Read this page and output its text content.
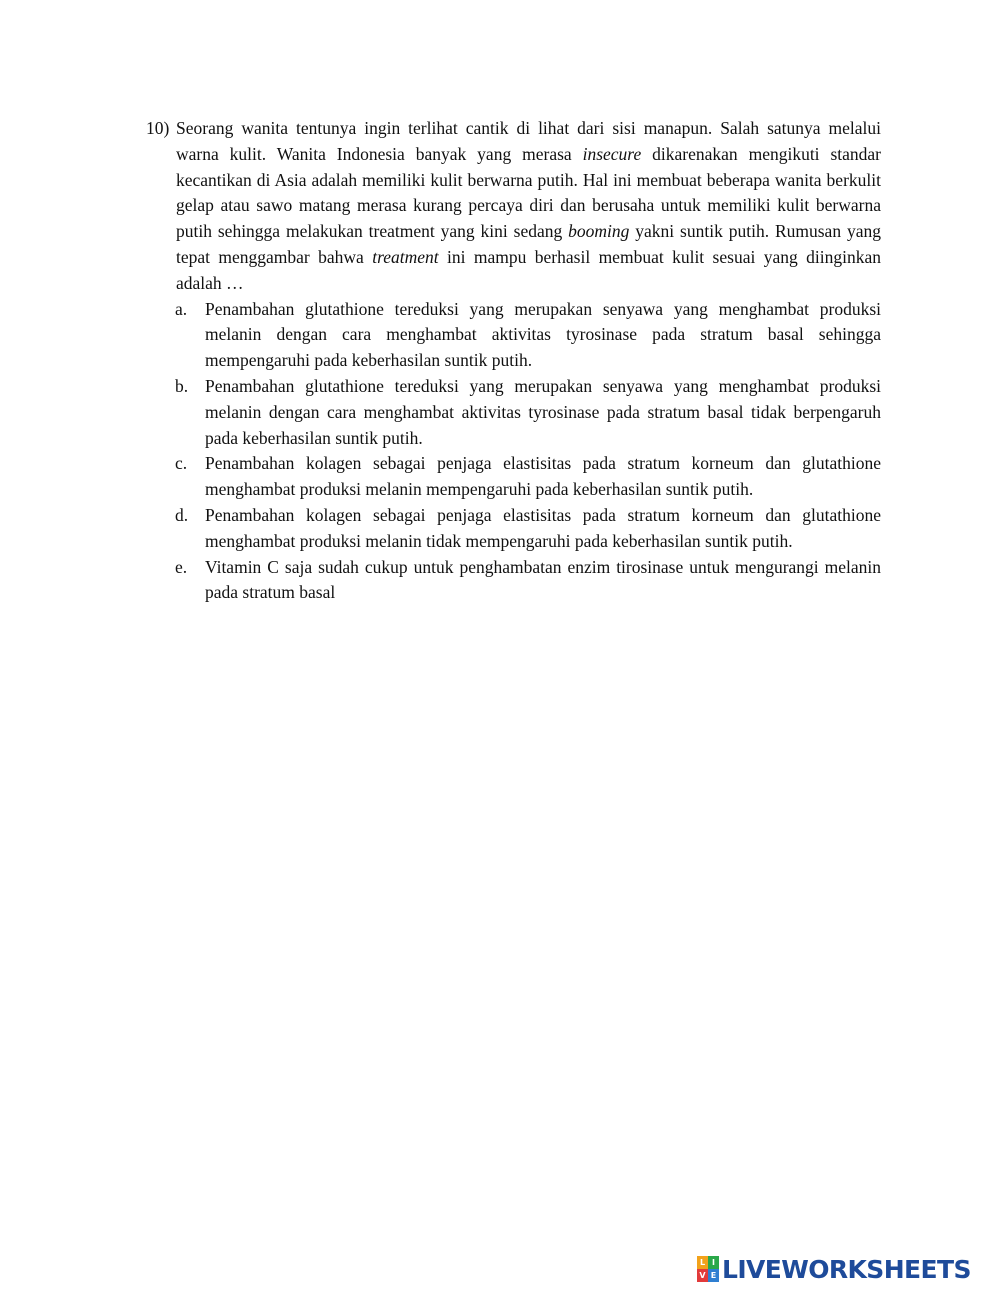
10) Seorang wanita tentunya ingin terlihat cantik di lihat dari sisi manapun. Salah satunya melalui warna kulit. Wanita Indonesia banyak yang merasa insecure dikarenakan mengikuti standar kecantikan di Asia adalah memiliki kulit berwarna putih. Hal ini membuat beberapa wanita berkulit gelap atau sawo matang merasa kurang percaya diri dan berusaha untuk memiliki kulit berwarna putih sehingga melakukan treatment yang kini sedang booming yakni suntik putih. Rumusan yang tepat menggambar bahwa treatment ini mampu berhasil membuat kulit sesuai yang diinginkan adalah …
a. Penambahan glutathione tereduksi yang merupakan senyawa yang menghambat produksi melanin dengan cara menghambat aktivitas tyrosinase pada stratum basal sehingga mempengaruhi pada keberhasilan suntik putih.
b. Penambahan glutathione tereduksi yang merupakan senyawa yang menghambat produksi melanin dengan cara menghambat aktivitas tyrosinase pada stratum basal tidak berpengaruh pada keberhasilan suntik putih.
c. Penambahan kolagen sebagai penjaga elastisitas pada stratum korneum dan glutathione menghambat produksi melanin mempengaruhi pada keberhasilan suntik putih.
d. Penambahan kolagen sebagai penjaga elastisitas pada stratum korneum dan glutathione menghambat produksi melanin tidak mempengaruhi pada keberhasilan suntik putih.
e. Vitamin C saja sudah cukup untuk penghambatan enzim tirosinase untuk mengurangi melanin pada stratum basal
L I
V E LIVEWORKSHEETS
